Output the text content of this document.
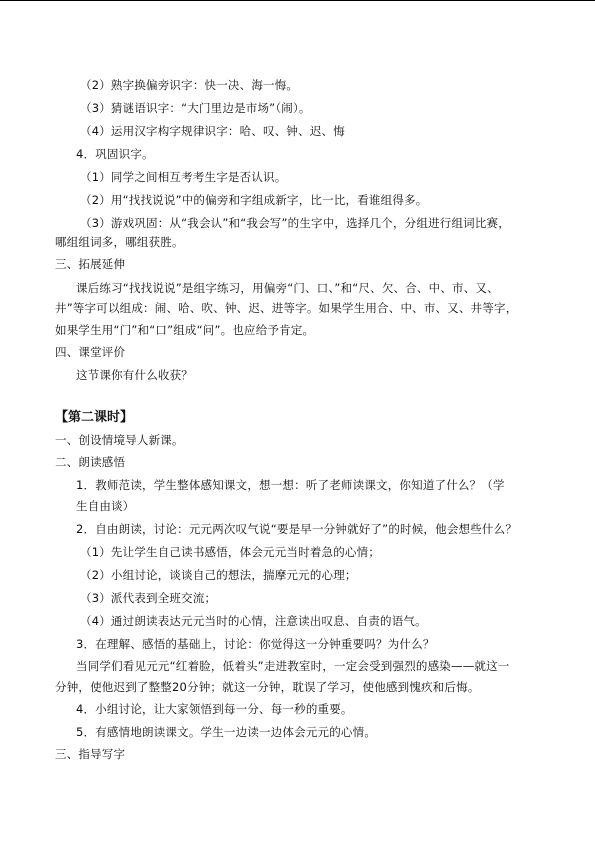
（2）熟字换偏旁识字：快一决、海一悔。
（3）猜谜语识字：“大门里边是市场”（闹）。
（4）运用汉字构字规律识字：哈、叹、钟、迟、悔
4．巩固识字。
（1）同学之间相互考考生字是否认识。
（2）用“找找说说”中的偏旁和字组成新字，比一比，看谁组得多。
（3）游戏巩固：从“我会认”和“我会写”的生字中，选择几个，分组进行组词比赛，
哪组组词多，哪组获胜。
三、拓展延伸
课后练习“找找说说”是组字练习，用偏旁“门、口、”和“尺、欠、合、中、市、又、
井”等字可以组成：闹、哈、吹、钟、迟、进等字。如果学生用合、中、市、又、井等字，
如果学生用“门”和“口”组成“问”。也应给予肯定。
四、课堂评价
这节课你有什么收获？
【第二课时】
一、创设情境导人新课。
二、朗读感悟
1．教师范读，学生整体感知课文，想一想：听了老师读课文，你知道了什么？（学
生自由谈）
2．自由朗读，讨论：元元两次叹气说“要是早一分钟就好了”的时候，他会想些什么？
（1）先让学生自己读书感悟，体会元元当时着急的心情；
（2）小组讨论，谈谈自己的想法，揣摩元元的心理；
（3）派代表到全班交流；
（4）通过朗读表达元元当时的心情，注意读出叹息、自责的语气。
3．在理解、感悟的基础上，讨论：你觉得这一分钟重要吗？为什么？
当同学们看见元元“红着脸，低着头”走进教室时，一定会受到强烈的感染——就这一
分钟，使他迟到了整整20分钟；就这一分钟，耽误了学习，使他感到愧疚和后悔。
4．小组讨论，让大家领悟到每一分、每一秒的重要。
5．有感情地朗读课文。学生一边读一边体会元元的心情。
三、指导写字
